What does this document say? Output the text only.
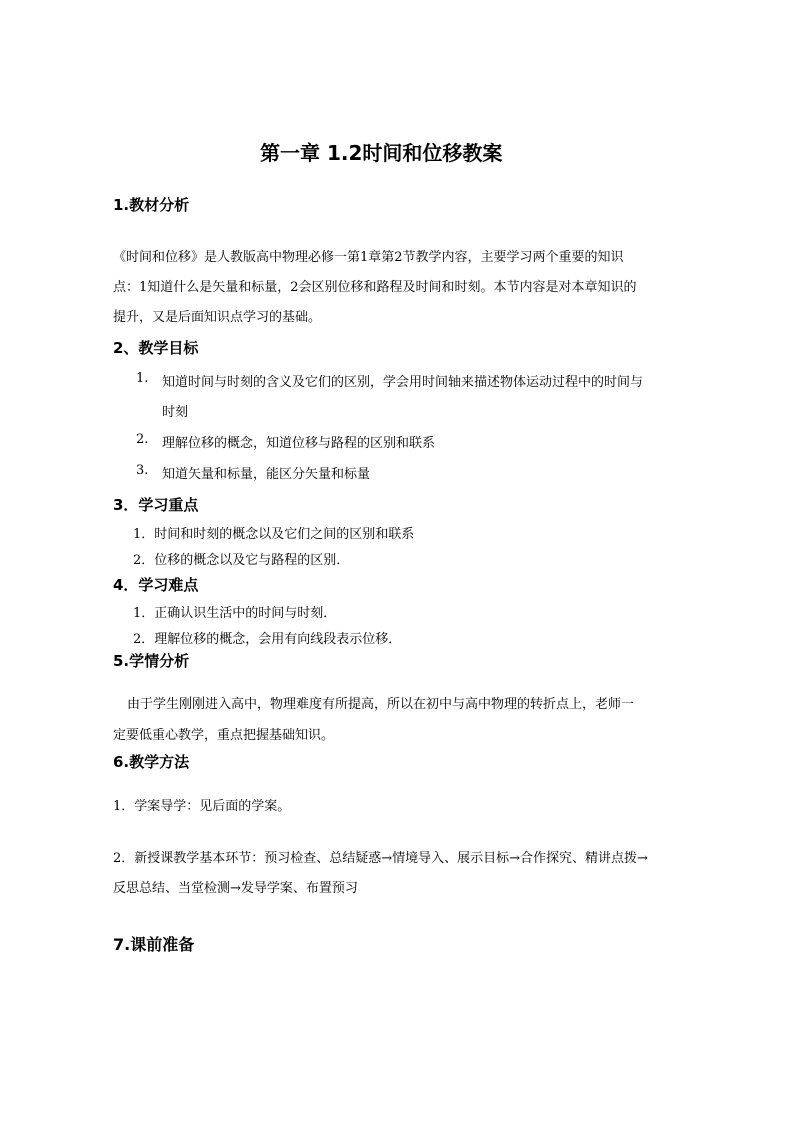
第一章 1.2时间和位移教案
1.教材分析
《时间和位移》是人教版高中物理必修一第1章第2节教学内容，主要学习两个重要的知识
点：1知道什么是矢量和标量，2会区别位移和路程及时间和时刻。本节内容是对本章知识的
提升，又是后面知识点学习的基础。
2、教学目标
1. 知道时间与时刻的含义及它们的区别，学会用时间轴来描述物体运动过程中的时间与
时刻
2. 理解位移的概念，知道位移与路程的区别和联系
3. 知道矢量和标量，能区分矢量和标量
3．学习重点
1．时间和时刻的概念以及它们之间的区别和联系
2．位移的概念以及它与路程的区别．
4．学习难点
1．正确认识生活中的时间与时刻．
2．理解位移的概念，会用有向线段表示位移．
5.学情分析
由于学生刚刚进入高中，物理难度有所提高，所以在初中与高中物理的转折点上，老师一
定要低重心教学，重点把握基础知识。
6.教学方法
1．学案导学：见后面的学案。
2．新授课教学基本环节：预习检查、总结疑惑→情境导入、展示目标→合作探究、精讲点拨→
反思总结、当堂检测→发导学案、布置预习
7.课前准备
